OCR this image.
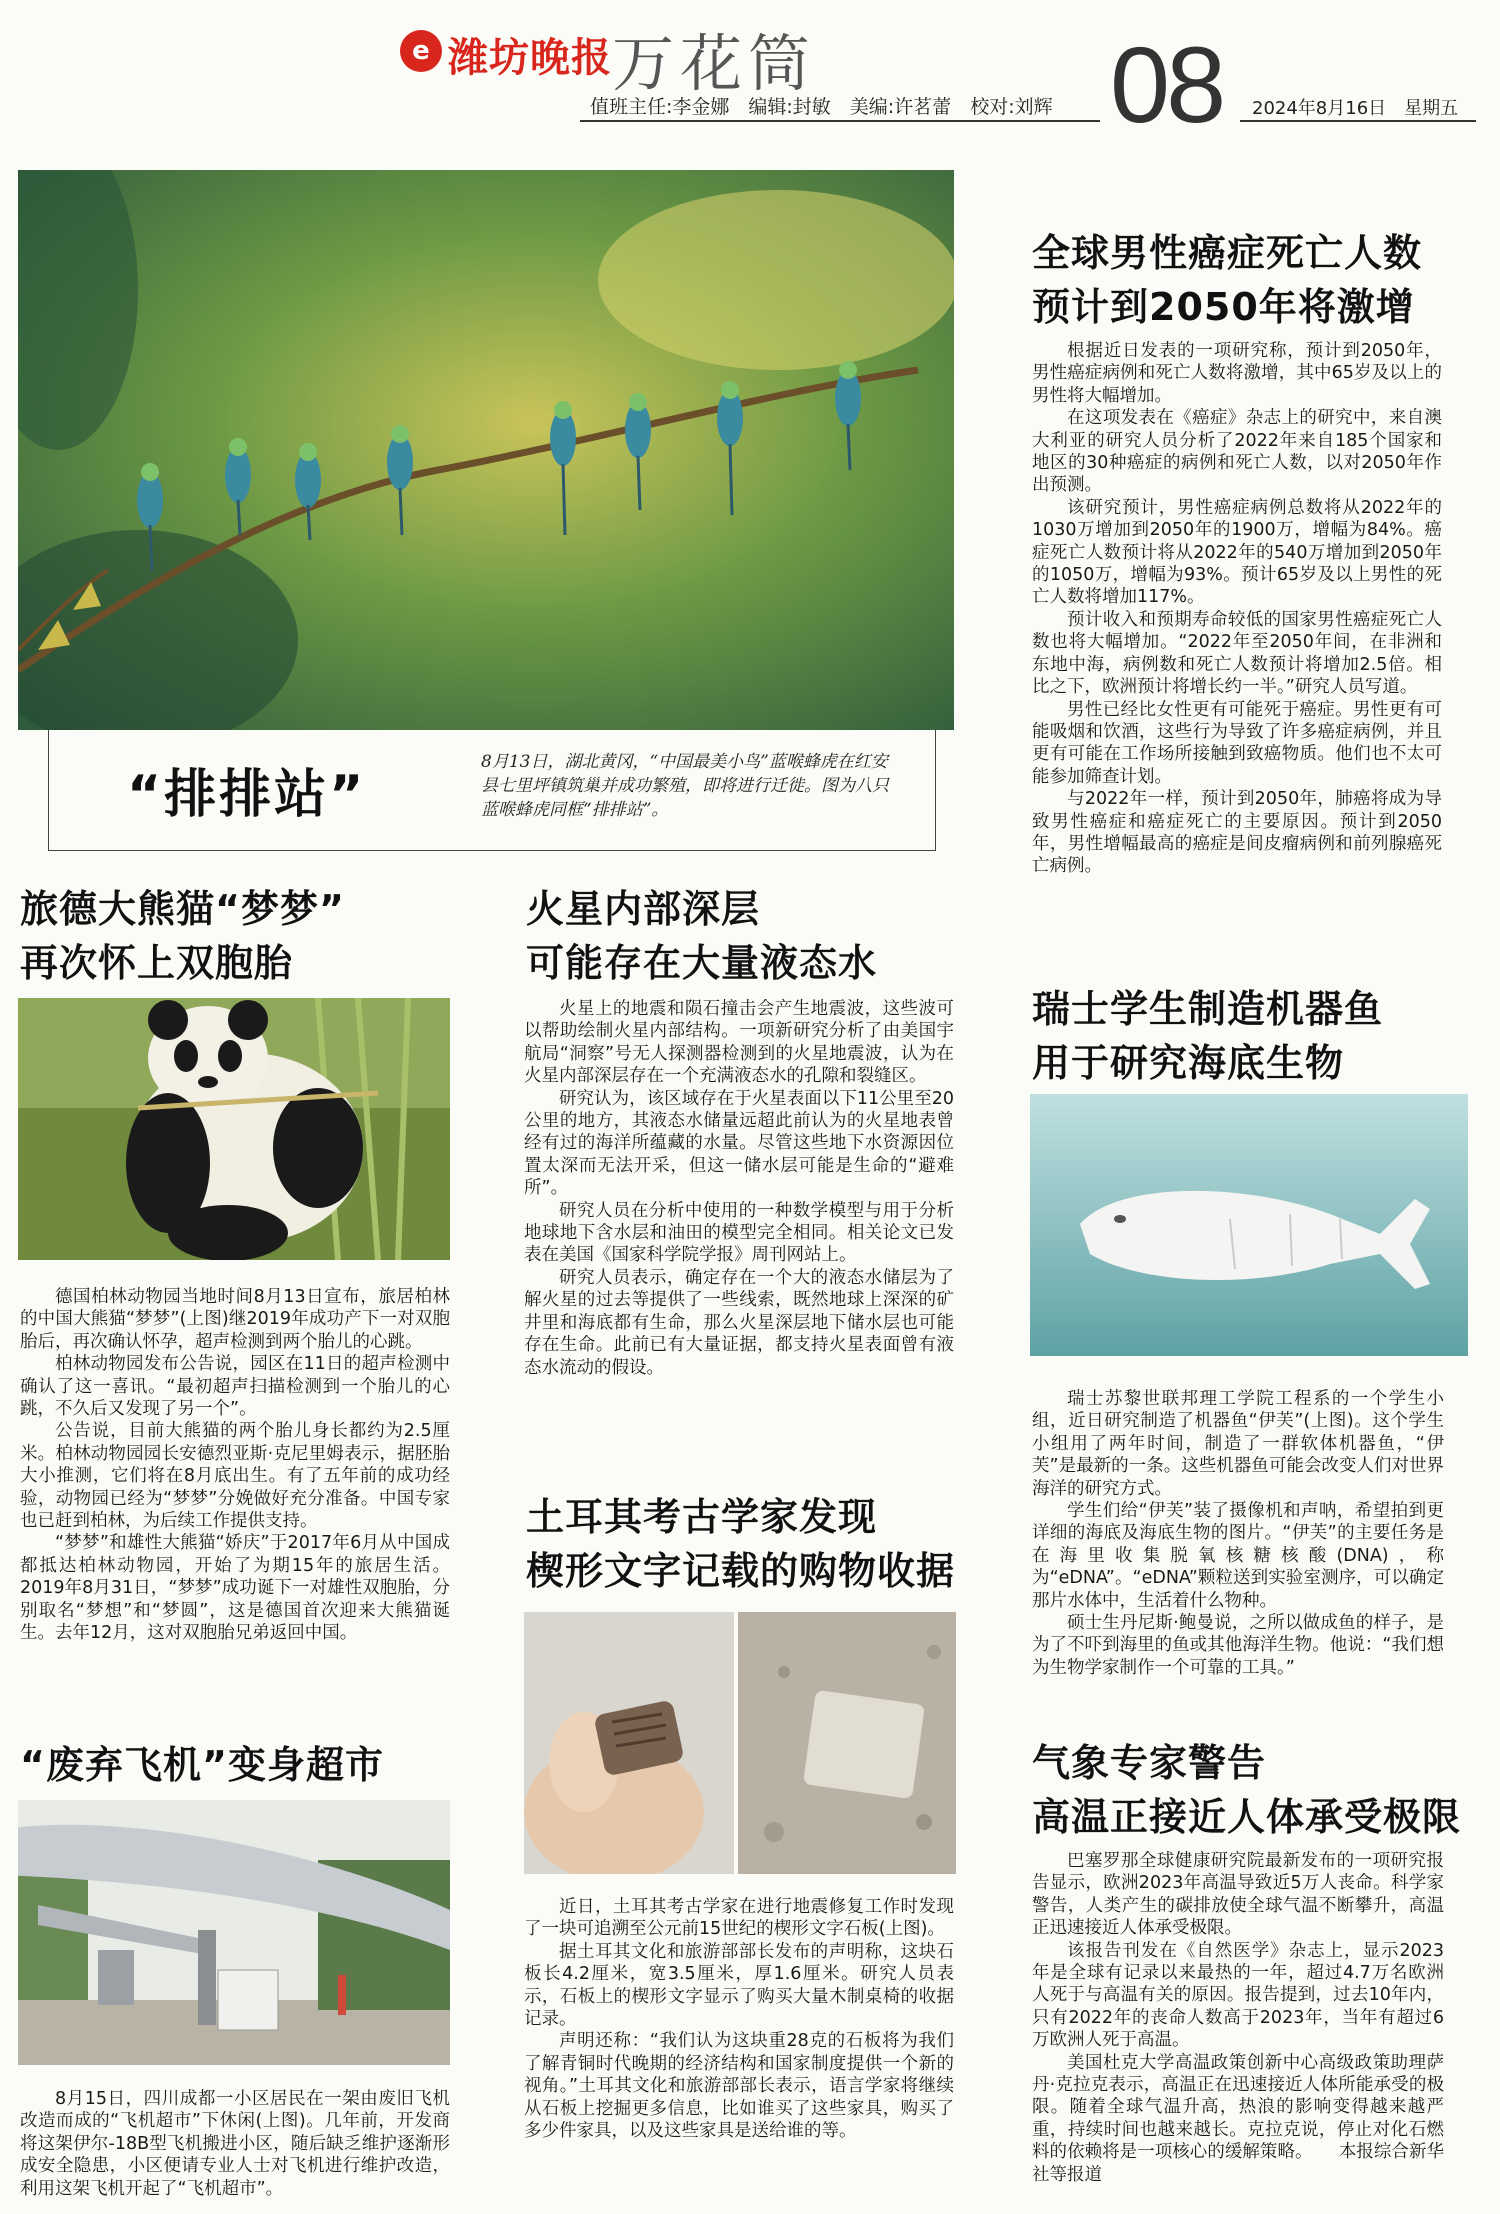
e 潍坊晚报 万花筒
值班主任:李金娜　编辑:封敏　美编:许茗蕾　校对:刘辉 08 2024年8月16日　星期五
“排排站”
8月13日，湖北黄冈，“中国最美小鸟”蓝喉蜂虎在红安县七里坪镇筑巢并成功繁殖，即将进行迁徙。图为八只蓝喉蜂虎同框“排排站”。
全球男性癌症死亡人数
预计到2050年将激增

根据近日发表的一项研究称，预计到2050年，男性癌症病例和死亡人数将激增，其中65岁及以上的男性将大幅增加。

在这项发表在《癌症》杂志上的研究中，来自澳大利亚的研究人员分析了2022年来自185个国家和地区的30种癌症的病例和死亡人数，以对2050年作出预测。

该研究预计，男性癌症病例总数将从2022年的1030万增加到2050年的1900万，增幅为84%。癌症死亡人数预计将从2022年的540万增加到2050年的1050万，增幅为93%。预计65岁及以上男性的死亡人数将增加117%。

预计收入和预期寿命较低的国家男性癌症死亡人数也将大幅增加。“2022年至2050年间，在非洲和东地中海，病例数和死亡人数预计将增加2.5倍。相比之下，欧洲预计将增长约一半。”研究人员写道。

男性已经比女性更有可能死于癌症。男性更有可能吸烟和饮酒，这些行为导致了许多癌症病例，并且更有可能在工作场所接触到致癌物质。他们也不太可能参加筛查计划。

与2022年一样，预计到2050年，肺癌将成为导致男性癌症和癌症死亡的主要原因。预计到2050年，男性增幅最高的癌症是间皮瘤病例和前列腺癌死亡病例。

旅德大熊猫“梦梦”
再次怀上双胞胎

德国柏林动物园当地时间8月13日宣布，旅居柏林的中国大熊猫“梦梦”(上图)继2019年成功产下一对双胞胎后，再次确认怀孕，超声检测到两个胎儿的心跳。

柏林动物园发布公告说，园区在11日的超声检测中确认了这一喜讯。“最初超声扫描检测到一个胎儿的心跳，不久后又发现了另一个”。

公告说，目前大熊猫的两个胎儿身长都约为2.5厘米。柏林动物园园长安德烈亚斯·克尼里姆表示，据胚胎大小推测，它们将在8月底出生。有了五年前的成功经验，动物园已经为“梦梦”分娩做好充分准备。中国专家也已赶到柏林，为后续工作提供支持。

“梦梦”和雄性大熊猫“娇庆”于2017年6月从中国成都抵达柏林动物园，开始了为期15年的旅居生活。2019年8月31日，“梦梦”成功诞下一对雄性双胞胎，分别取名“梦想”和“梦圆”，这是德国首次迎来大熊猫诞生。去年12月，这对双胞胎兄弟返回中国。

火星内部深层
可能存在大量液态水

火星上的地震和陨石撞击会产生地震波，这些波可以帮助绘制火星内部结构。一项新研究分析了由美国宇航局“洞察”号无人探测器检测到的火星地震波，认为在火星内部深层存在一个充满液态水的孔隙和裂缝区。

研究认为，该区域存在于火星表面以下11公里至20公里的地方，其液态水储量远超此前认为的火星地表曾经有过的海洋所蕴藏的水量。尽管这些地下水资源因位置太深而无法开采，但这一储水层可能是生命的“避难所”。

研究人员在分析中使用的一种数学模型与用于分析地球地下含水层和油田的模型完全相同。相关论文已发表在美国《国家科学院学报》周刊网站上。

研究人员表示，确定存在一个大的液态水储层为了解火星的过去等提供了一些线索，既然地球上深深的矿井里和海底都有生命，那么火星深层地下储水层也可能存在生命。此前已有大量证据，都支持火星表面曾有液态水流动的假设。

瑞士学生制造机器鱼
用于研究海底生物

瑞士苏黎世联邦理工学院工程系的一个学生小组，近日研究制造了机器鱼“伊芙”(上图)。这个学生小组用了两年时间，制造了一群软体机器鱼，“伊芙”是最新的一条。这些机器鱼可能会改变人们对世界海洋的研究方式。

学生们给“伊芙”装了摄像机和声呐，希望拍到更详细的海底及海底生物的图片。“伊芙”的主要任务是在海里收集脱氧核糖核酸(DNA)，称为“eDNA”。“eDNA”颗粒送到实验室测序，可以确定那片水体中，生活着什么物种。

硕士生丹尼斯·鲍曼说，之所以做成鱼的样子，是为了不吓到海里的鱼或其他海洋生物。他说：“我们想为生物学家制作一个可靠的工具。”

“废弃飞机”变身超市

8月15日，四川成都一小区居民在一架由废旧飞机改造而成的“飞机超市”下休闲(上图)。几年前，开发商将这架伊尔-18B型飞机搬进小区，随后缺乏维护逐渐形成安全隐患，小区便请专业人士对飞机进行维护改造，利用这架飞机开起了“飞机超市”。

土耳其考古学家发现
楔形文字记载的购物收据

近日，土耳其考古学家在进行地震修复工作时发现了一块可追溯至公元前15世纪的楔形文字石板(上图)。

据土耳其文化和旅游部部长发布的声明称，这块石板长4.2厘米，宽3.5厘米，厚1.6厘米。研究人员表示，石板上的楔形文字显示了购买大量木制桌椅的收据记录。

声明还称：“我们认为这块重28克的石板将为我们了解青铜时代晚期的经济结构和国家制度提供一个新的视角。”土耳其文化和旅游部部长表示，语言学家将继续从石板上挖掘更多信息，比如谁买了这些家具，购买了多少件家具，以及这些家具是送给谁的等。

气象专家警告
高温正接近人体承受极限

巴塞罗那全球健康研究院最新发布的一项研究报告显示，欧洲2023年高温导致近5万人丧命。科学家警告，人类产生的碳排放使全球气温不断攀升，高温正迅速接近人体承受极限。

该报告刊发在《自然医学》杂志上，显示2023年是全球有记录以来最热的一年，超过4.7万名欧洲人死于与高温有关的原因。报告提到，过去10年内，只有2022年的丧命人数高于2023年，当年有超过6万欧洲人死于高温。

美国杜克大学高温政策创新中心高级政策助理萨丹·克拉克表示，高温正在迅速接近人体所能承受的极限。随着全球气温升高，热浪的影响变得越来越严重，持续时间也越来越长。克拉克说，停止对化石燃料的依赖将是一项核心的缓解策略。　　本报综合新华社等报道
